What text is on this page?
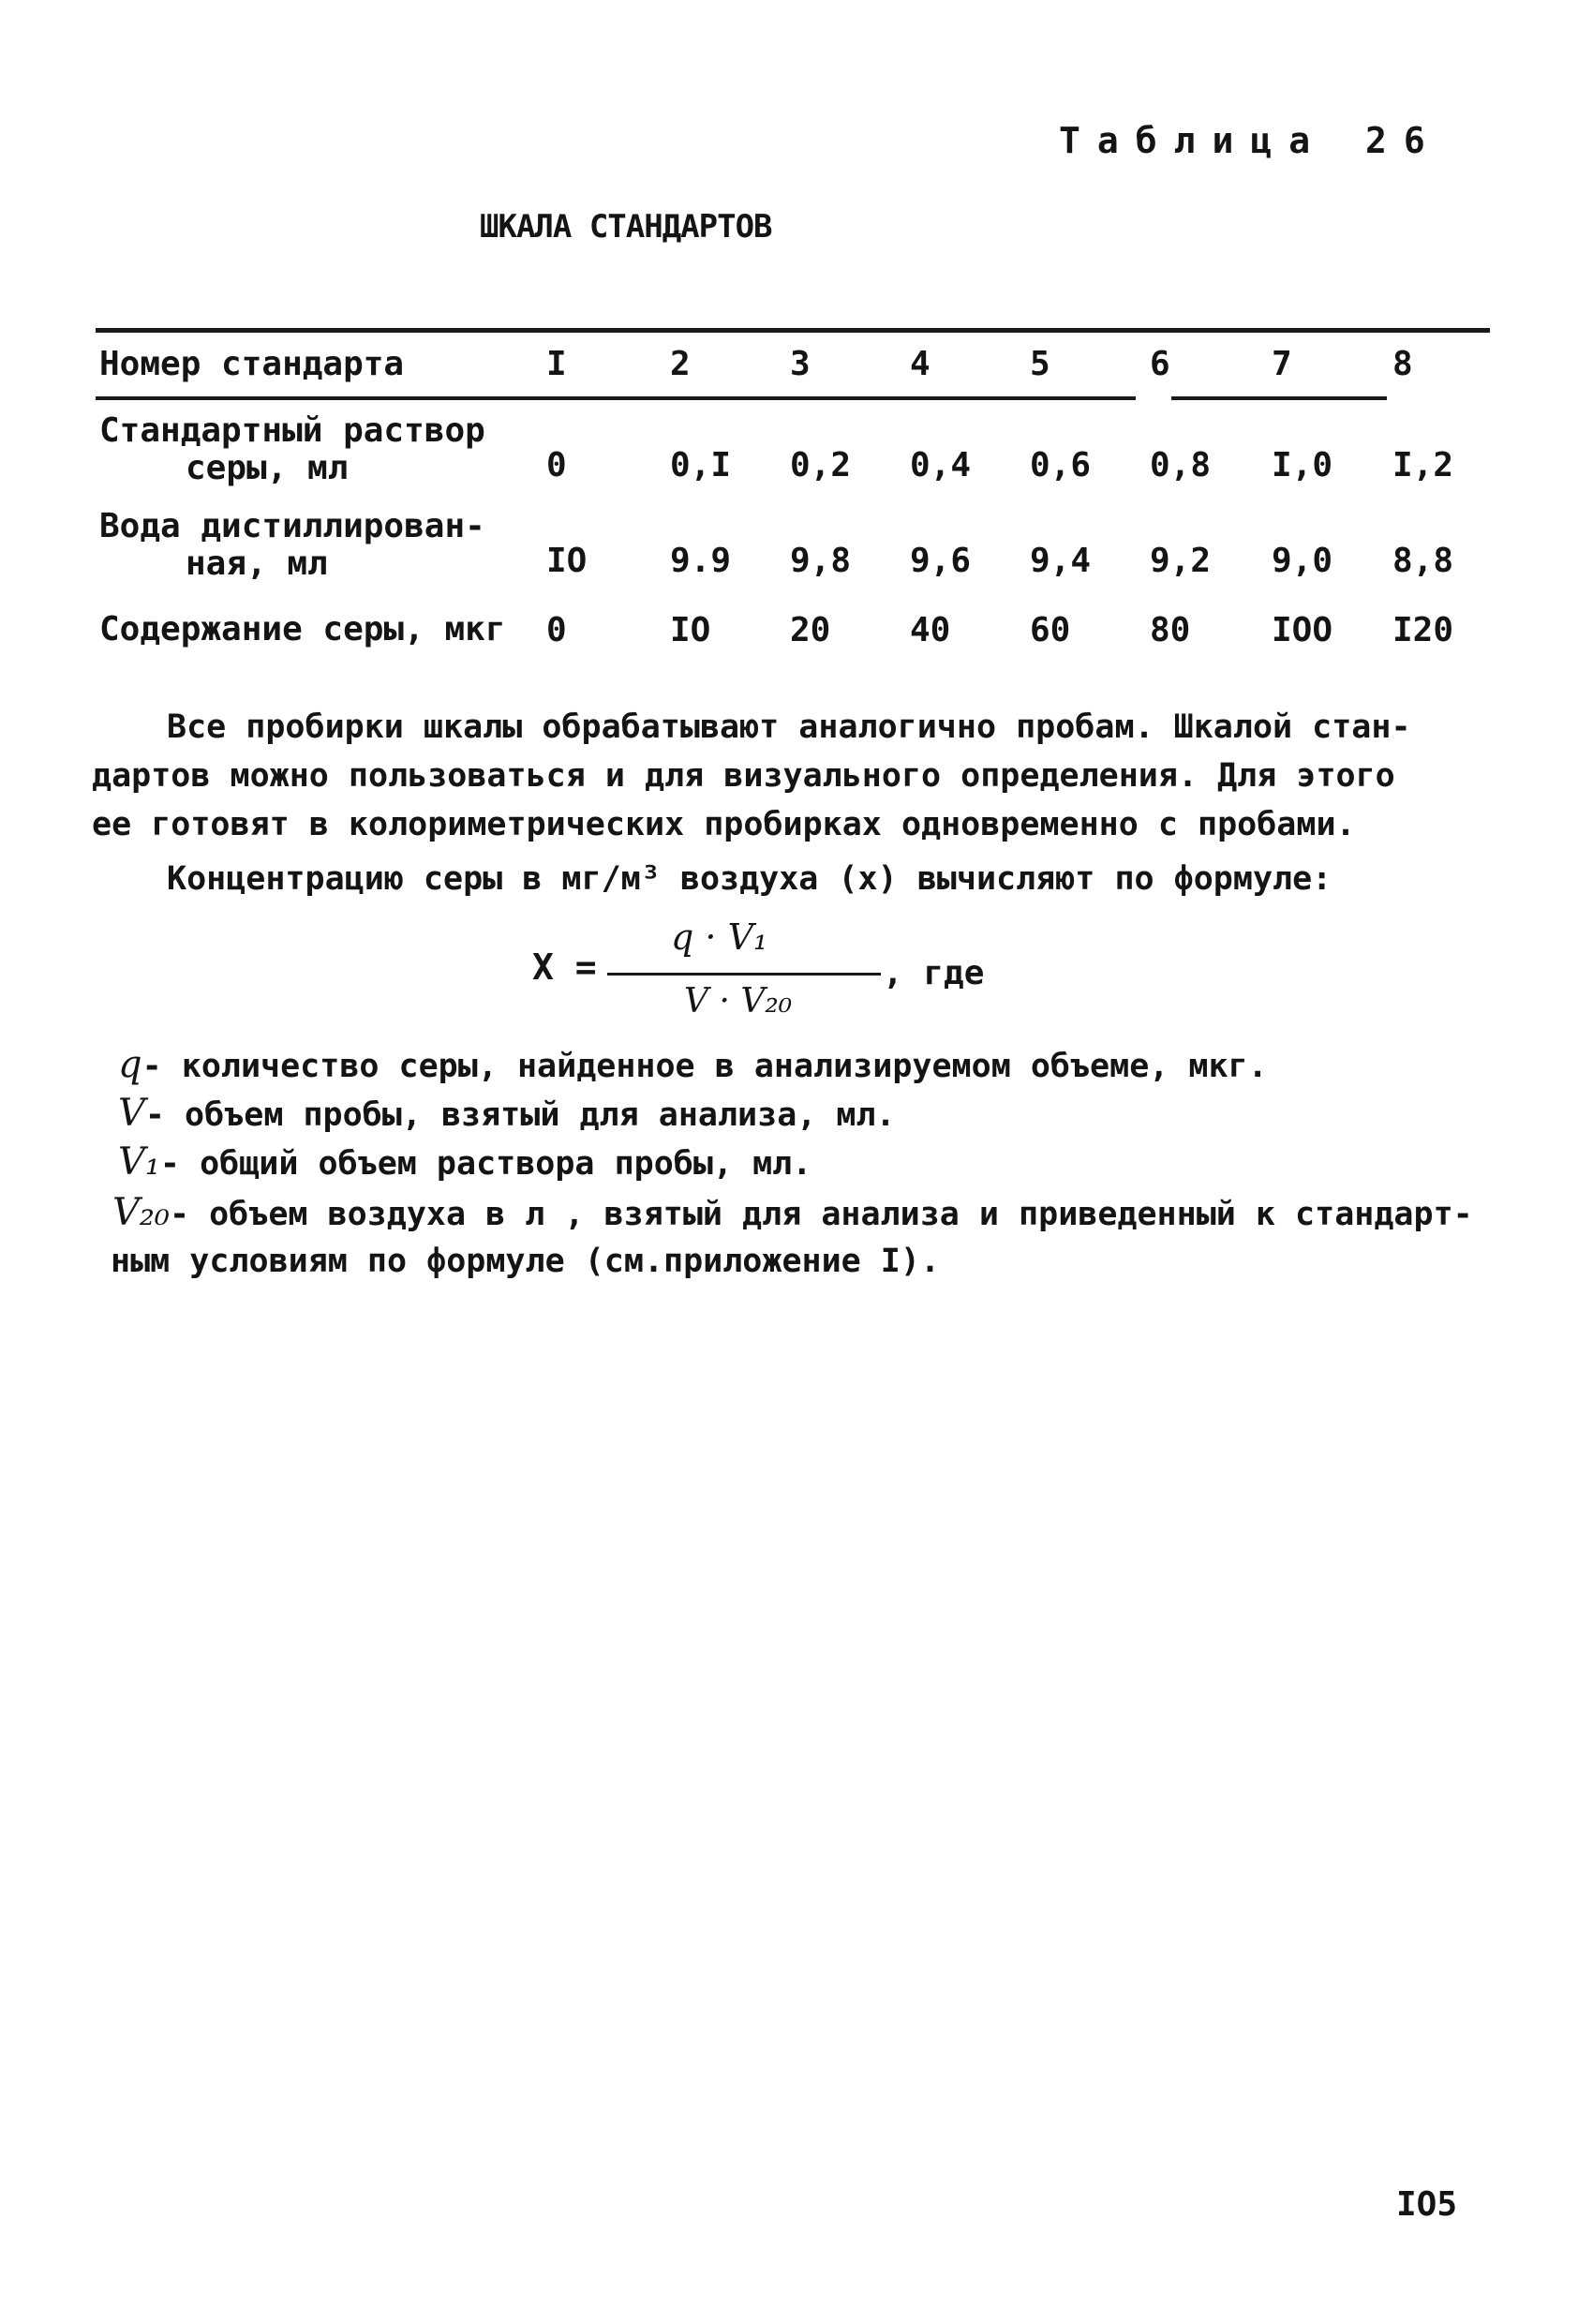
Таблица 26
ШКАЛА СТАНДАРТОВ
Номер стандарта	I	2	3	4	5	6	7	8
Стандартный раствор
серы, мл	0	0,I 0,2 0,4 0,6 0,8 I,0 I,2
Вода дистиллирован-
ная, мл	IO 9.9 9,8 9,6 9,4 9,2 9,0 8,8
Содержание серы, мкг 0	IO 20 40 60 80 IOO I20
Все пробирки шкалы обрабатывают аналогично пробам. Шкалой стан-
дартов можно пользоваться и для визуального определения. Для этого
ее готовят в колориметрических пробирках одновременно с пробами.
Концентрацию серы в мг/м³ воздуха (х) вычисляют по формуле:
Х =
q · V₁
V · V₂₀
, где
q- количество серы, найденное в анализируемом объеме, мкг.
V- объем пробы, взятый для анализа, мл.
V₁- общий объем раствора пробы, мл.
V₂₀- объем воздуха в л , взятый для анализа и приведенный к стандарт-
ным условиям по формуле (см.приложение I).
IO5
